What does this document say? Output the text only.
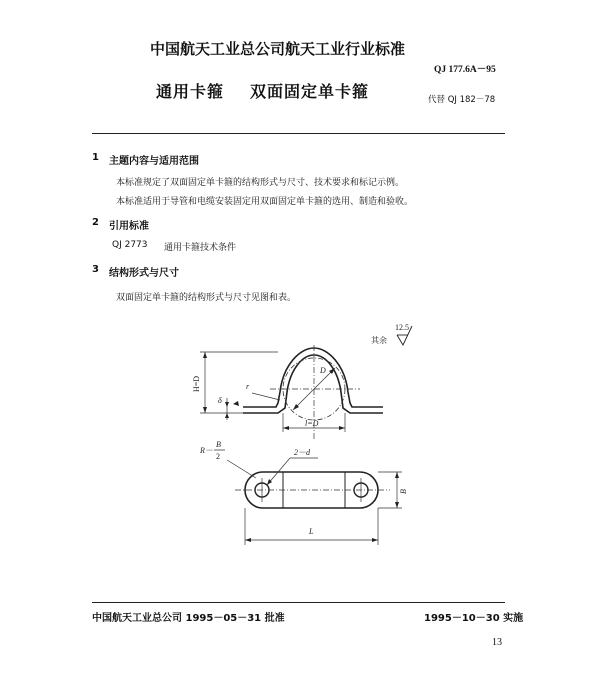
中国航天工业总公司航天工业行业标准
QJ 177.6A－95
通用卡箍 双面固定单卡箍	代替 QJ 182－78
1 主题内容与适用范围
本标准规定了双面固定单卡箍的结构形式与尺寸、技术要求和标记示例。
本标准适用于导管和电缆安装固定用双面固定单卡箍的选用、制造和验收。
2 引用标准
QJ 2773 通用卡箍技术条件
3 结构形式与尺寸
双面固定单卡箍的结构形式与尺寸见图和表。
12.5
其余
H=D
D
r
δ
l=D
R－
B
2	2－d
B
L
中国航天工业总公司 1995－05－31 批准	1995－10－30 实施
13
